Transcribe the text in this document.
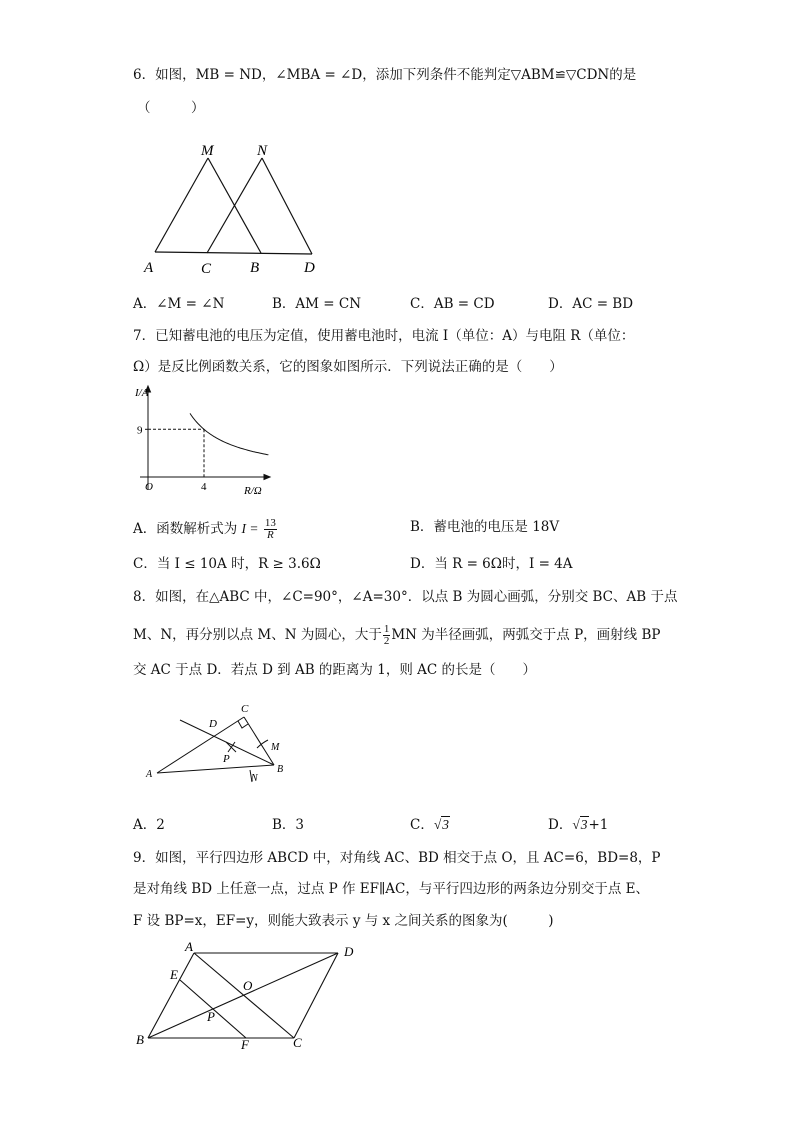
6．如图，MB = ND，∠MBA = ∠D，添加下列条件不能判定▽ABM≌▽CDN的是
（　　　）
M	N
A	C	B	D
A．∠M = ∠N	B．AM = CN	C．AB = CD	D．AC = BD
7．已知蓄电池的电压为定值，使用蓄电池时，电流 I（单位：A）与电阻 R（单位：
Ω）是反比例函数关系，它的图象如图所示．下列说法正确的是（　　）
I/A
R/Ω
O
9
4
A．函数解析式为 $I = \frac{13}{R}$	B．蓄电池的电压是 18V
C．当 I ≤ 10A 时，R ≥ 3.6Ω	D．当 R = 6Ω时，I = 4A
8．如图，在△ABC 中，∠C=90°，∠A=30°．以点 B 为圆心画弧，分别交 BC、AB 于点
M、N，再分别以点 M、N 为圆心，大于 $\frac{1}{2}$ MN 为半径画弧，两弧交于点 P，画射线 BP
交 AC 于点 D．若点 D 到 AB 的距离为 1，则 AC 的长是（　　）
C
D
M
P
A	N
B
A．2	B．3	C．√3	D．√3+1
9．如图，平行四边形 ABCD 中，对角线 AC、BD 相交于点 O，且 AC=6，BD=8，P
是对角线 BD 上任意一点，过点 P 作 EF∥AC，与平行四边形的两条边分别交于点 E、
F 设 BP=x，EF=y，则能大致表示 y 与 x 之间关系的图象为(　　　)
A	D
E
O
P
B	F	C
